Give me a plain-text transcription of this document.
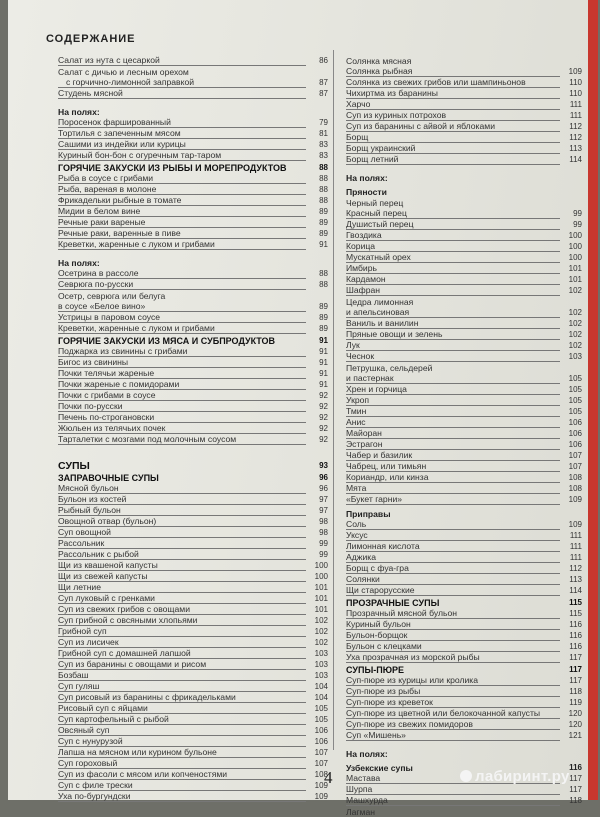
СОДЕРЖАНИЕ
Салат из нута с цесаркой	86
Салат с дичью и лесным орехом
с горчично-лимонной заправкой	87
Студень мясной	87
На полях:
Поросенок фаршированный	79
Тортилья с запеченным мясом	81
Сашими из индейки или курицы	83
Куриный бон-бон с огуречным тар-таром	83
ГОРЯЧИЕ ЗАКУСКИ ИЗ РЫБЫ И МОРЕПРОДУКТОВ	88
Рыба в соусе с грибами	88
Рыба, вареная в молоне	88
Фрикадельки рыбные в томате	88
Мидии в белом вине	89
Речные раки вареные	89
Речные раки, варенные в пиве	89
Креветки, жаренные с луком и грибами	91
На полях:
Осетрина в рассоле	88
Севрюга по-русски	88
Осетр, севрюга или белуга
в соусе «Белое вино»	89
Устрицы в паровом соусе	89
Креветки, жаренные с луком и грибами	89
ГОРЯЧИЕ ЗАКУСКИ ИЗ МЯСА И СУБПРОДУКТОВ	91
Поджарка из свинины с грибами	91
Бигос из свинины	91
Почки телячьи жареные	91
Почки жареные с помидорами	91
Почки с грибами в соусе	92
Почки по-русски	92
Печень по-строгановски	92
Жюльен из телячьих почек	92
Тарталетки с мозгами под молочным соусом	92
СУПЫ	93
ЗАПРАВОЧНЫЕ СУПЫ	96
Мясной бульон	96
Бульон из костей	97
Рыбный бульон	97
Овощной отвар (бульон)	98
Суп овощной	98
Рассольник	99
Рассольник с рыбой	99
Щи из квашеной капусты	100
Щи из свежей капусты	100
Щи летние	101
Суп луковый с гренками	101
Суп из свежих грибов с овощами	101
Суп грибной с овсяными хлопьями	102
Грибной суп	102
Суп из лисичек	102
Грибной суп с домашней лапшой	103
Суп из баранины с овощами и рисом	103
Бозбаш	103
Суп гуляш	104
Суп рисовый из баранины с фрикадельками	104
Рисовый суп с яйцами	105
Суп картофельный с рыбой	105
Овсяный суп	106
Суп с нунурузой	106
Лапша на мясном или курином бульоне	107
Суп гороховый	107
Суп из фасоли с мясом или копченостями	108
Суп с филе трески	109
Уха по-бургундски	109
Солянка мясная
Солянка рыбная	109
Солянка из свежих грибов или шампиньонов	110
Чихиртма из баранины	110
Харчо	111
Суп из куриных потрохов	111
Суп из баранины с айвой и яблоками	112
Борщ	112
Борщ украинский	113
Борщ летний	114
На полях:
Пряности
Черный перец
Красный перец	99
Душистый перец	99
Гвоздика	100
Корица	100
Мускатный орех	100
Имбирь	101
Кардамон	101
Шафран	102
Цедра лимонная
и апельсиновая	102
Ваниль и ванилин	102
Пряные овощи и зелень	102
Лук	102
Чеснок	103
Петрушка, сельдерей
и пастернак	105
Хрен и горчица	105
Укроп	105
Тмин	105
Анис	106
Майоран	106
Эстрагон	106
Чабер и базилик	107
Чабрец, или тимьян	107
Кориандр, или кинза	108
Мята	108
«Букет гарни»	109
Приправы
Соль	109
Уксус	111
Лимонная кислота	111
Аджика	111
Борщ с фуа-гра	112
Солянки	113
Щи старорусские	114
ПРОЗРАЧНЫЕ СУПЫ	115
Прозрачный мясной бульон	115
Куриный бульон	116
Бульон-борщок	116
Бульон с клецками	116
Уха прозрачная из морской рыбы	117
СУПЫ-ПЮРЕ	117
Суп-пюре из курицы или кролика	117
Суп-пюре из рыбы	118
Суп-пюре из креветок	119
Суп-пюре из цветной или белокочанной капусты	120
Суп-пюре из свежих помидоров	120
Суп «Мишень»	121
На полях:
Узбекские супы	116
Мастава	117
Шурпа	117
Машхурда	118
Лагман
4	лабиринт.ру
